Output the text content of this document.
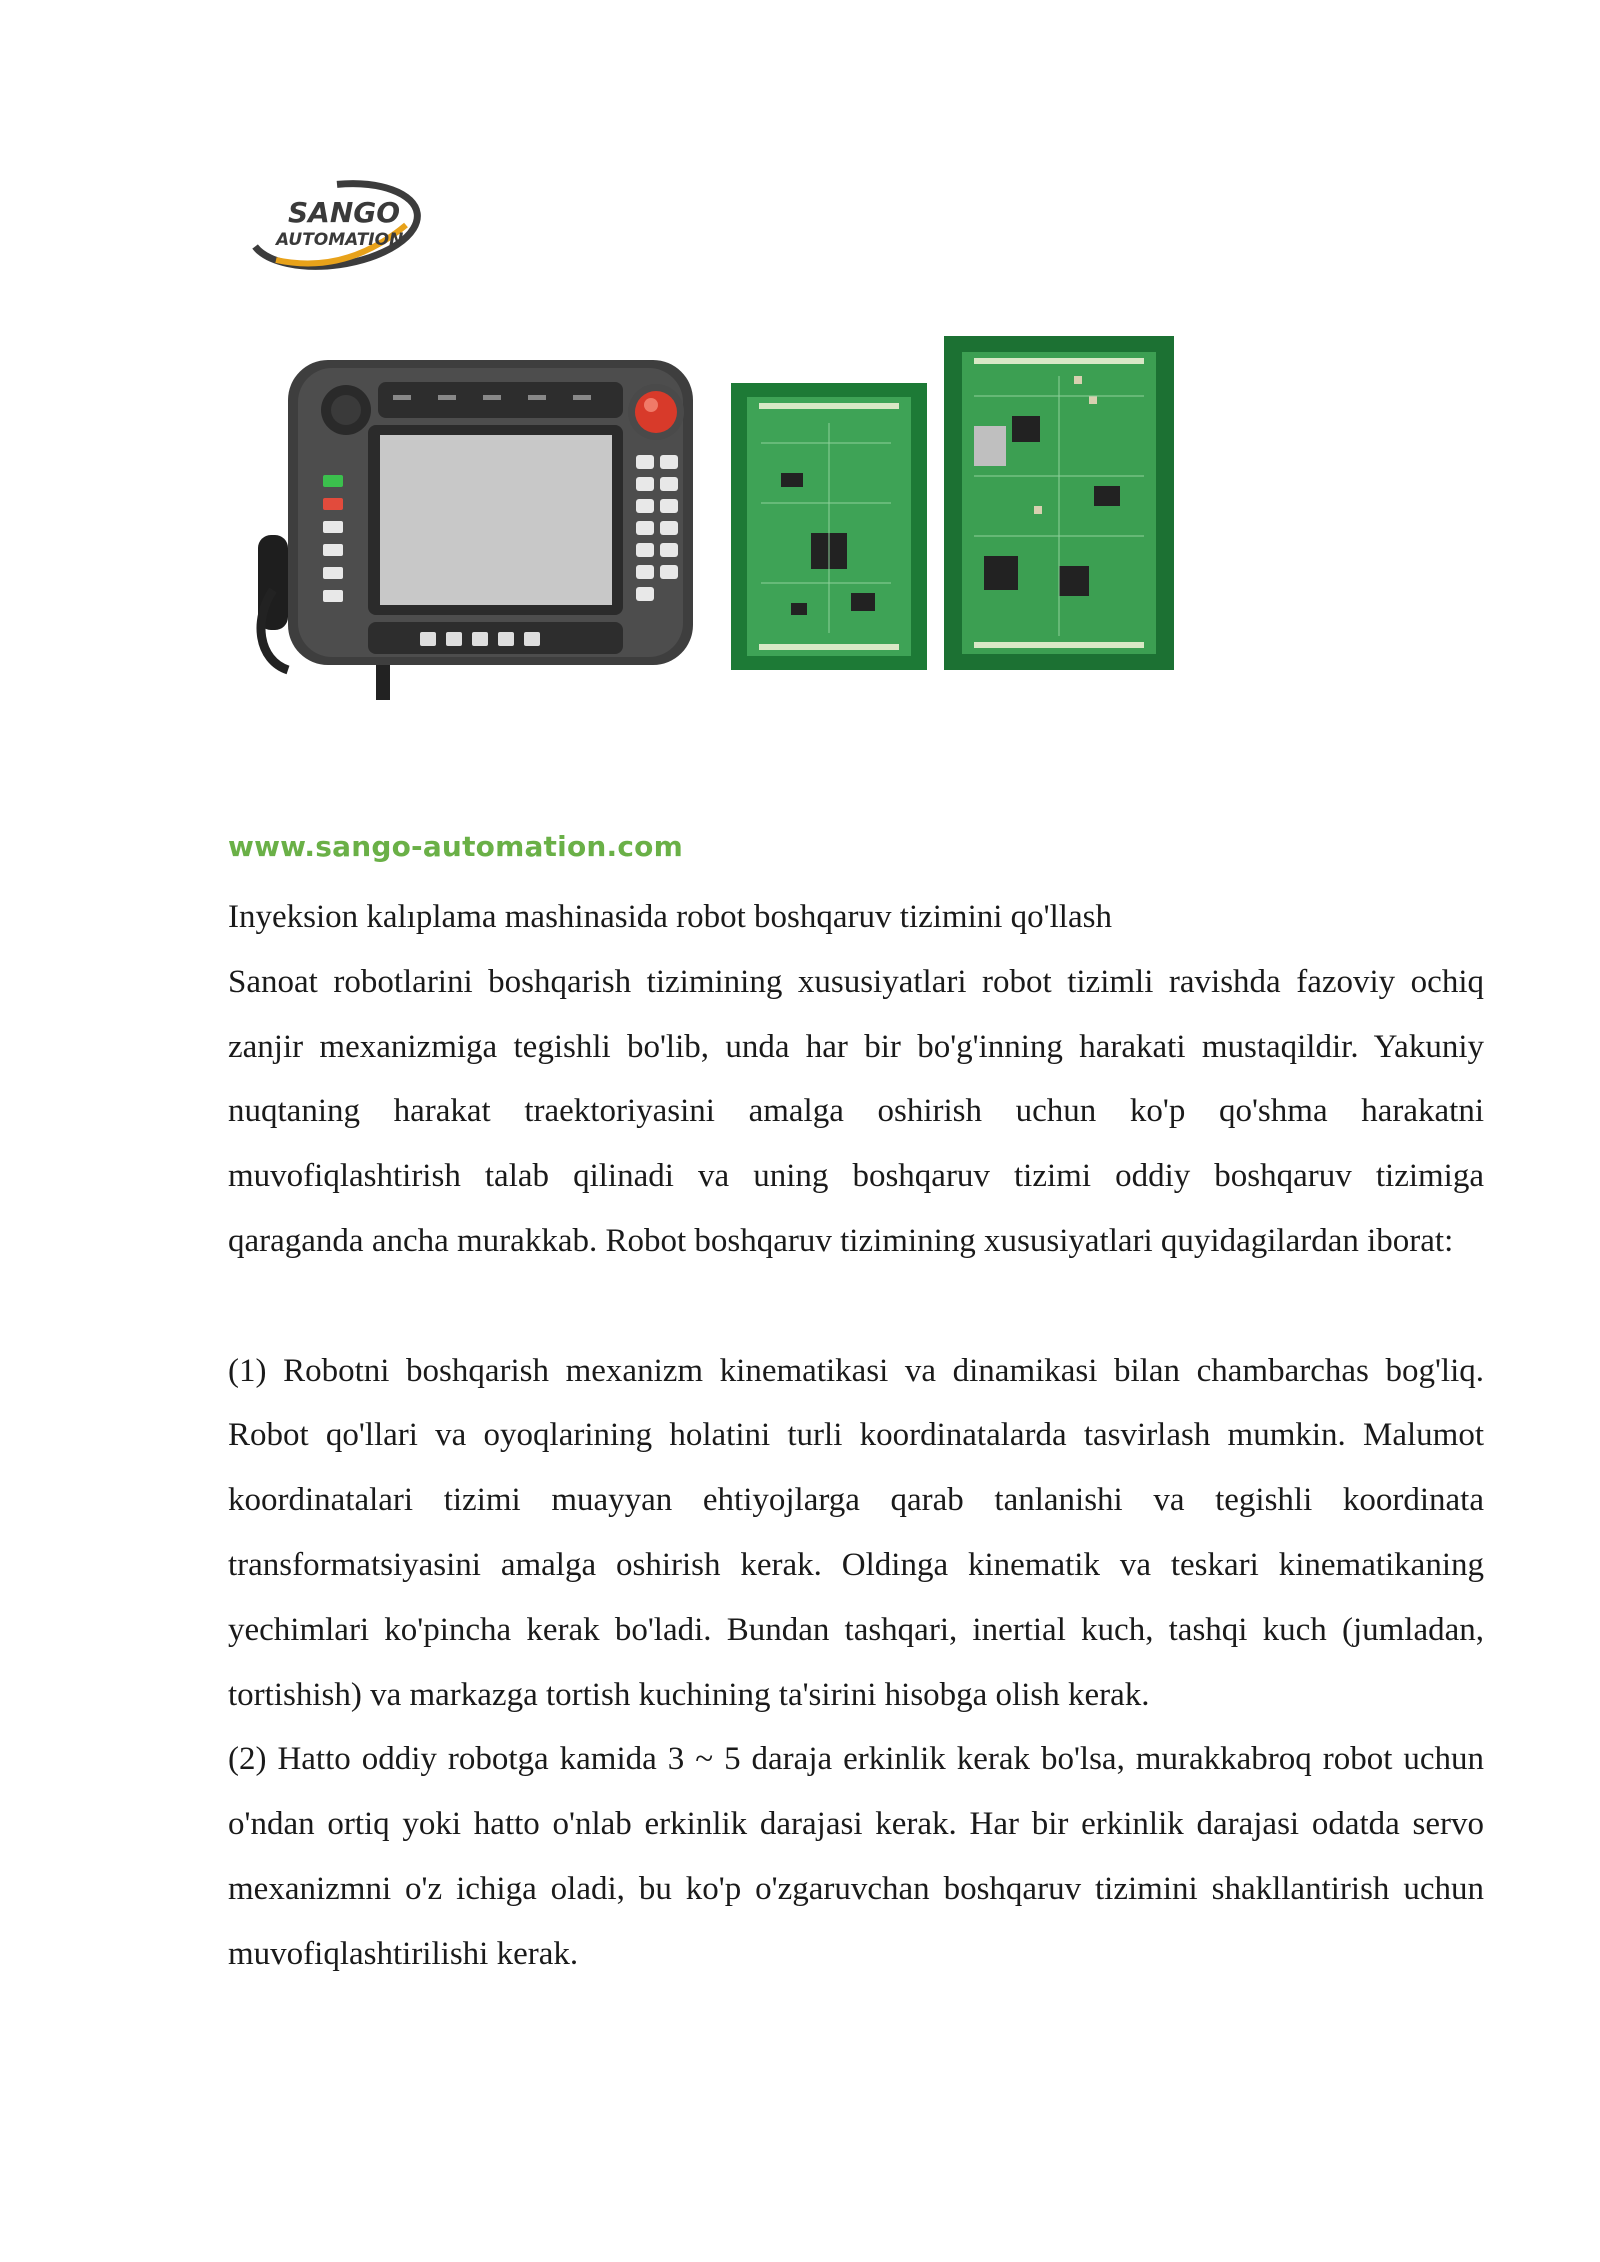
SANGO
AUTOMATION
www.sango-automation.com

Inyeksion kalıplama mashinasida robot boshqaruv tizimini qo'llash

Sanoat robotlarini boshqarish tizimining xususiyatlari robot tizimli ravishda fazoviy ochiq zanjir mexanizmiga tegishli bo'lib, unda har bir bo'g'inning harakati mustaqildir. Yakuniy nuqtaning harakat traektoriyasini amalga oshirish uchun ko'p qo'shma harakatni muvofiqlashtirish talab qilinadi va uning boshqaruv tizimi oddiy boshqaruv tizimiga qaraganda ancha murakkab. Robot boshqaruv tizimining xususiyatlari quyidagilardan iborat:

(1) Robotni boshqarish mexanizm kinematikasi va dinamikasi bilan chambarchas bog'liq. Robot qo'llari va oyoqlarining holatini turli koordinatalarda tasvirlash mumkin. Malumot koordinatalari tizimi muayyan ehtiyojlarga qarab tanlanishi va tegishli koordinata transformatsiyasini amalga oshirish kerak. Oldinga kinematik va teskari kinematikaning yechimlari ko'pincha kerak bo'ladi. Bundan tashqari, inertial kuch, tashqi kuch (jumladan, tortishish) va markazga tortish kuchining ta'sirini hisobga olish kerak.

(2) Hatto oddiy robotga kamida 3 ~ 5 daraja erkinlik kerak bo'lsa, murakkabroq robot uchun o'ndan ortiq yoki hatto o'nlab erkinlik darajasi kerak. Har bir erkinlik darajasi odatda servo mexanizmni o'z ichiga oladi, bu ko'p o'zgaruvchan boshqaruv tizimini shakllantirish uchun muvofiqlashtirilishi kerak.
